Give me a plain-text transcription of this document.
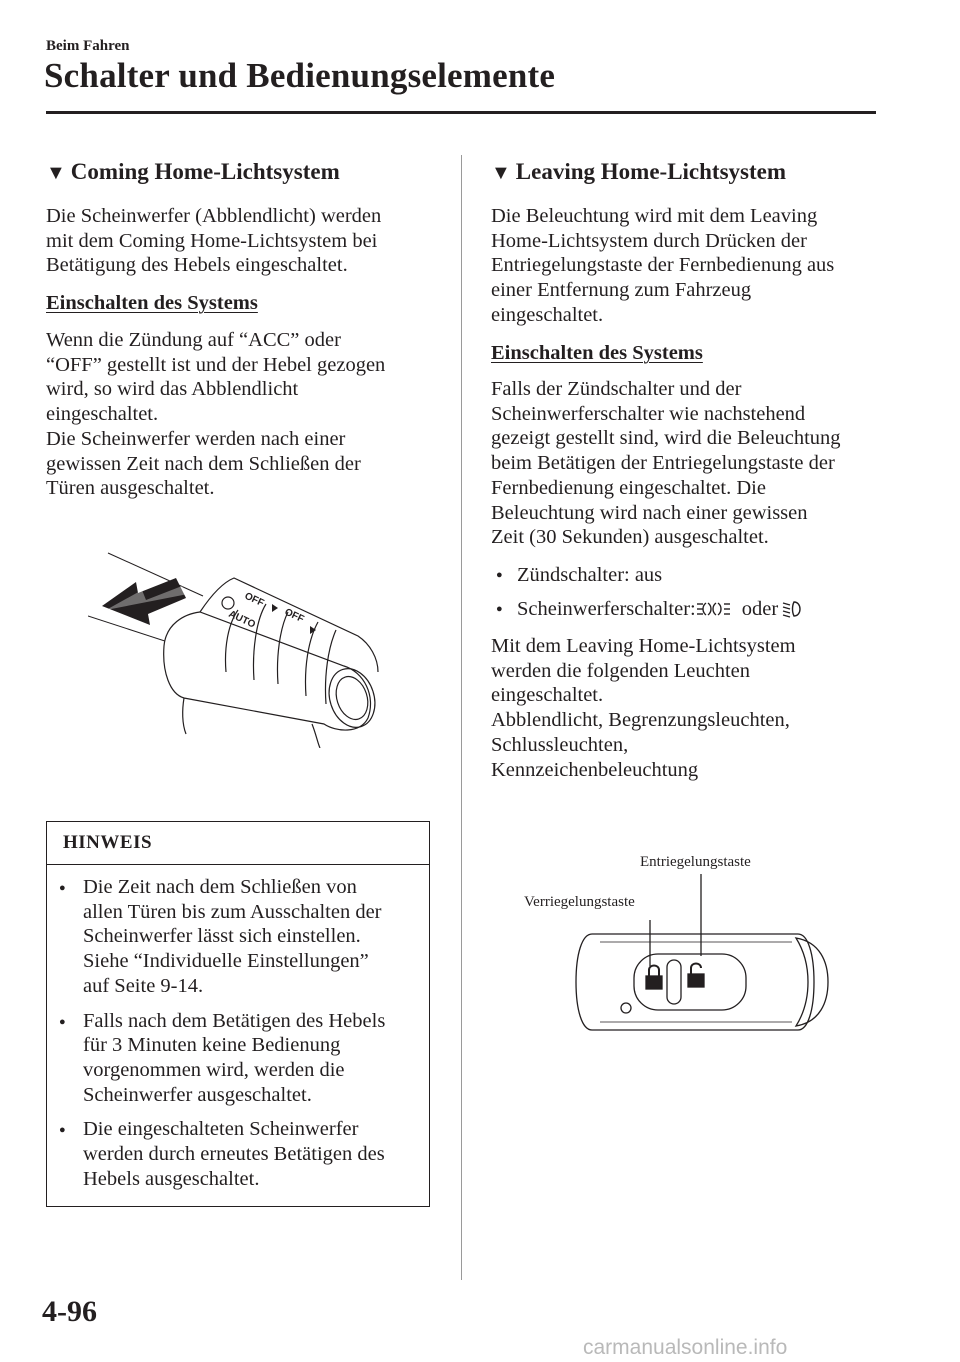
Beim Fahren
Schalter und Bedienungselemente
▼ Coming Home-Lichtsystem
Die Scheinwerfer (Abblendlicht) werden
mit dem Coming Home-Lichtsystem bei
Betätigung des Hebels eingeschaltet.
Einschalten des Systems
Wenn die Zündung auf “ACC” oder
“OFF” gestellt ist und der Hebel gezogen
wird, so wird das Abblendlicht
eingeschaltet.
Die Scheinwerfer werden nach einer
gewissen Zeit nach dem Schließen der
Türen ausgeschaltet.
OFF
AUTO	OFF
HINWEIS
● Die Zeit nach dem Schließen von
allen Türen bis zum Ausschalten der
Scheinwerfer lässt sich einstellen.
Siehe “Individuelle Einstellungen”
auf Seite 9-14.
● Falls nach dem Betätigen des Hebels
für 3 Minuten keine Bedienung
vorgenommen wird, werden die
Scheinwerfer ausgeschaltet.
● Die eingeschalteten Scheinwerfer
werden durch erneutes Betätigen des
Hebels ausgeschaltet.
▼ Leaving Home-Lichtsystem
Die Beleuchtung wird mit dem Leaving
Home-Lichtsystem durch Drücken der
Entriegelungstaste der Fernbedienung aus
einer Entfernung zum Fahrzeug
eingeschaltet.
Einschalten des Systems
Falls der Zündschalter und der
Scheinwerferschalter wie nachstehend
gezeigt gestellt sind, wird die Beleuchtung
beim Betätigen der Entriegelungstaste der
Fernbedienung eingeschaltet. Die
Beleuchtung wird nach einer gewissen
Zeit (30 Sekunden) ausgeschaltet.
● Zündschalter: aus
● Scheinwerferschalter: oder
Mit dem Leaving Home-Lichtsystem
werden die folgenden Leuchten
eingeschaltet.
Abblendlicht, Begrenzungsleuchten,
Schlussleuchten,
Kennzeichenbeleuchtung
Entriegelungstaste
Verriegelungstaste
4-96
carmanualsonline.info
